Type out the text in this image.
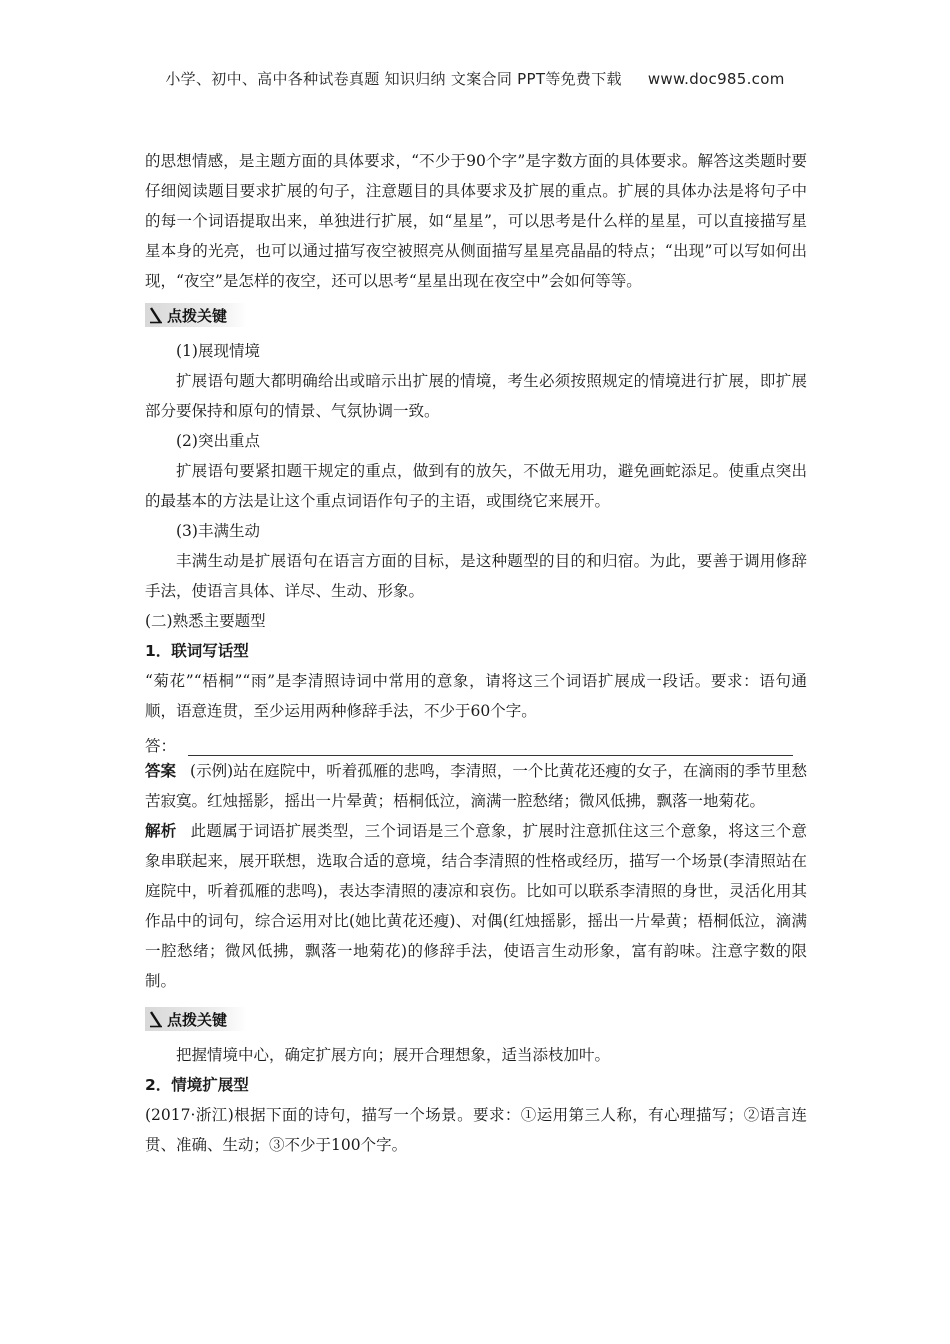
小学、初中、高中各种试卷真题 知识归纳 文案合同 PPT等免费下载 www.doc985.com

的思想情感，是主题方面的具体要求，“不少于90个字”是字数方面的具体要求。解答这类题时要仔细阅读题目要求扩展的句子，注意题目的具体要求及扩展的重点。扩展的具体办法是将句子中的每一个词语提取出来，单独进行扩展，如“星星”，可以思考是什么样的星星，可以直接描写星星本身的光亮，也可以通过描写夜空被照亮从侧面描写星星亮晶晶的特点；“出现”可以写如何出现，“夜空”是怎样的夜空，还可以思考“星星出现在夜空中”会如何等等。

点拨关键

(1)展现情境

扩展语句题大都明确给出或暗示出扩展的情境，考生必须按照规定的情境进行扩展，即扩展部分要保持和原句的情景、气氛协调一致。

(2)突出重点

扩展语句要紧扣题干规定的重点，做到有的放矢，不做无用功，避免画蛇添足。使重点突出的最基本的方法是让这个重点词语作句子的主语，或围绕它来展开。

(3)丰满生动

丰满生动是扩展语句在语言方面的目标，是这种题型的目的和归宿。为此，要善于调用修辞手法，使语言具体、详尽、生动、形象。

(二)熟悉主要题型

1．联词写话型

“菊花”“梧桐”“雨”是李清照诗词中常用的意象，请将这三个词语扩展成一段话。要求：语句通顺，语意连贯，至少运用两种修辞手法，不少于60个字。

答：

答案 (示例)站在庭院中，听着孤雁的悲鸣，李清照，一个比黄花还瘦的女子，在滴雨的季节里愁苦寂寞。红烛摇影，摇出一片晕黄；梧桐低泣，滴满一腔愁绪；微风低拂，飘落一地菊花。

解析 此题属于词语扩展类型，三个词语是三个意象，扩展时注意抓住这三个意象，将这三个意象串联起来，展开联想，选取合适的意境，结合李清照的性格或经历，描写一个场景(李清照站在庭院中，听着孤雁的悲鸣)，表达李清照的凄凉和哀伤。比如可以联系李清照的身世，灵活化用其作品中的词句，综合运用对比(她比黄花还瘦)、对偶(红烛摇影，摇出一片晕黄；梧桐低泣，滴满一腔愁绪；微风低拂，飘落一地菊花)的修辞手法，使语言生动形象，富有韵味。注意字数的限制。

点拨关键

把握情境中心，确定扩展方向；展开合理想象，适当添枝加叶。

2．情境扩展型

(2017·浙江)根据下面的诗句，描写一个场景。要求：①运用第三人称，有心理描写；②语言连贯、准确、生动；③不少于100个字。
